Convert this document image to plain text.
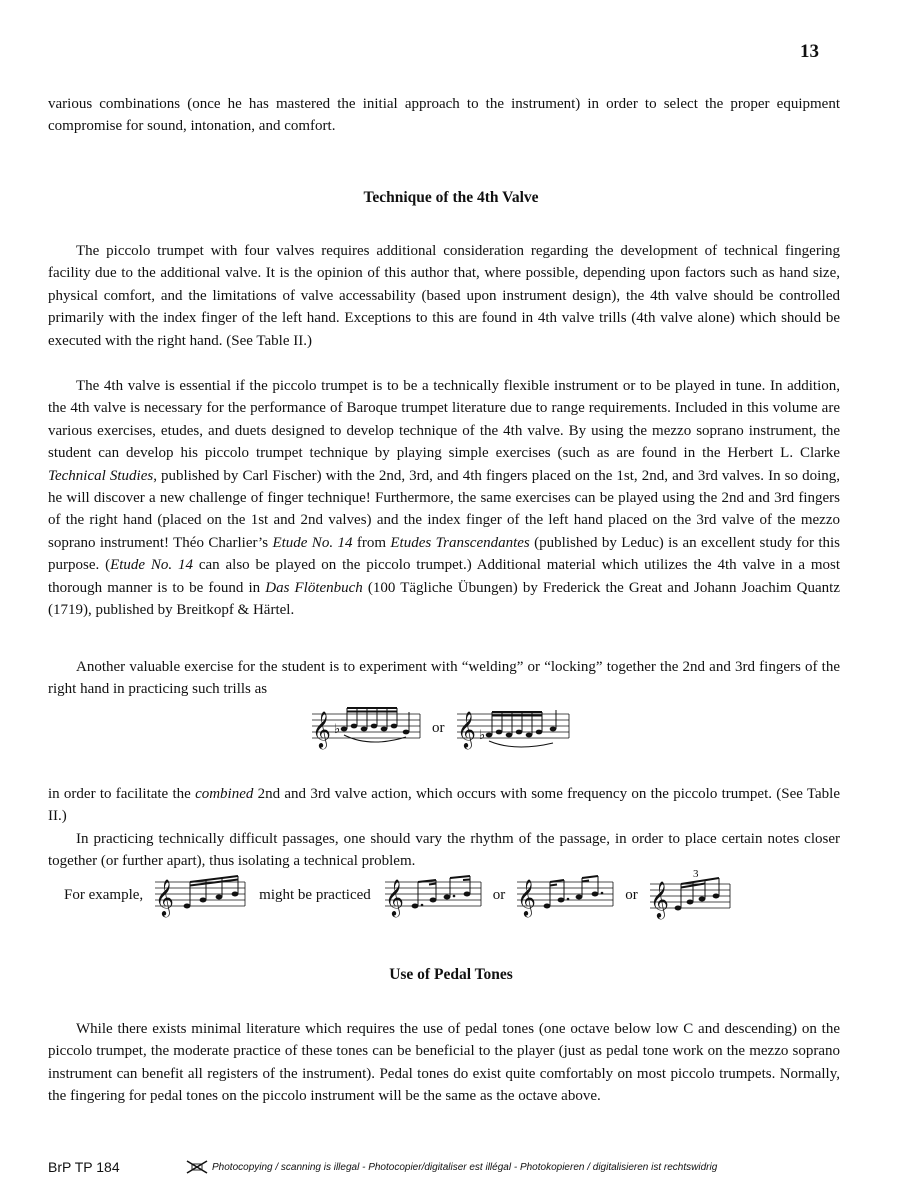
13

various combinations (once he has mastered the initial approach to the instrument) in order to select the proper equipment compromise for sound, intonation, and comfort.

Technique of the 4th Valve

The piccolo trumpet with four valves requires additional consideration regarding the development of technical fingering facility due to the additional valve. It is the opinion of this author that, where possible, depending upon factors such as hand size, physical comfort, and the limitations of valve accessability (based upon instrument design), the 4th valve should be controlled primarily with the index finger of the left hand. Exceptions to this are found in 4th valve trills (4th valve alone) which should be executed with the right hand. (See Table II.)

The 4th valve is essential if the piccolo trumpet is to be a technically flexible instrument or to be played in tune. In addition, the 4th valve is necessary for the performance of Baroque trumpet literature due to range requirements. Included in this volume are various exercises, etudes, and duets designed to develop technique of the 4th valve. By using the mezzo soprano instrument, the student can develop his piccolo trumpet technique by playing simple exercises (such as are found in the Herbert L. Clarke Technical Studies, published by Carl Fischer) with the 2nd, 3rd, and 4th fingers placed on the 1st, 2nd, and 3rd valves. In so doing, he will discover a new challenge of finger technique! Furthermore, the same exercises can be played using the 2nd and 3rd fingers of the right hand (placed on the 1st and 2nd valves) and the index finger of the left hand placed on the 3rd valve of the mezzo soprano instrument! Théo Charlier’s Etude No. 14 from Etudes Transcendantes (published by Leduc) is an excellent study for this purpose. (Etude No. 14 can also be played on the piccolo trumpet.) Additional material which utilizes the 4th valve in a most thorough manner is to be found in Das Flötenbuch (100 Tägliche Übungen) by Frederick the Great and Johann Joachim Quantz (1719), published by Breitkopf & Härtel.

Another valuable exercise for the student is to experiment with “welding” or “locking” together the 2nd and 3rd fingers of the right hand in practicing such trills as

𝄞 ♭	or 𝄞 ♭

in order to facilitate the combined 2nd and 3rd valve action, which occurs with some frequency on the piccolo trumpet. (See Table II.)

In practicing technically difficult passages, one should vary the rhythm of the passage, in order to place certain notes closer together (or further apart), thus isolating a technical problem.

For example, 𝄞	might be practiced 𝄞	or 𝄞	or 𝄞
3
Use of Pedal Tones

While there exists minimal literature which requires the use of pedal tones (one octave below low C and descending) on the piccolo trumpet, the moderate practice of these tones can be beneficial to the player (just as pedal tone work on the mezzo soprano instrument can benefit all registers of the instrument). Pedal tones do exist quite comfortably on most piccolo trumpets. Normally, the fingering for pedal tones on the piccolo instrument will be the same as the octave above.

BrP TP 184	Photocopying / scanning is illegal - Photocopier/digitaliser est illégal - Photokopieren / digitalisieren ist rechtswidrig
